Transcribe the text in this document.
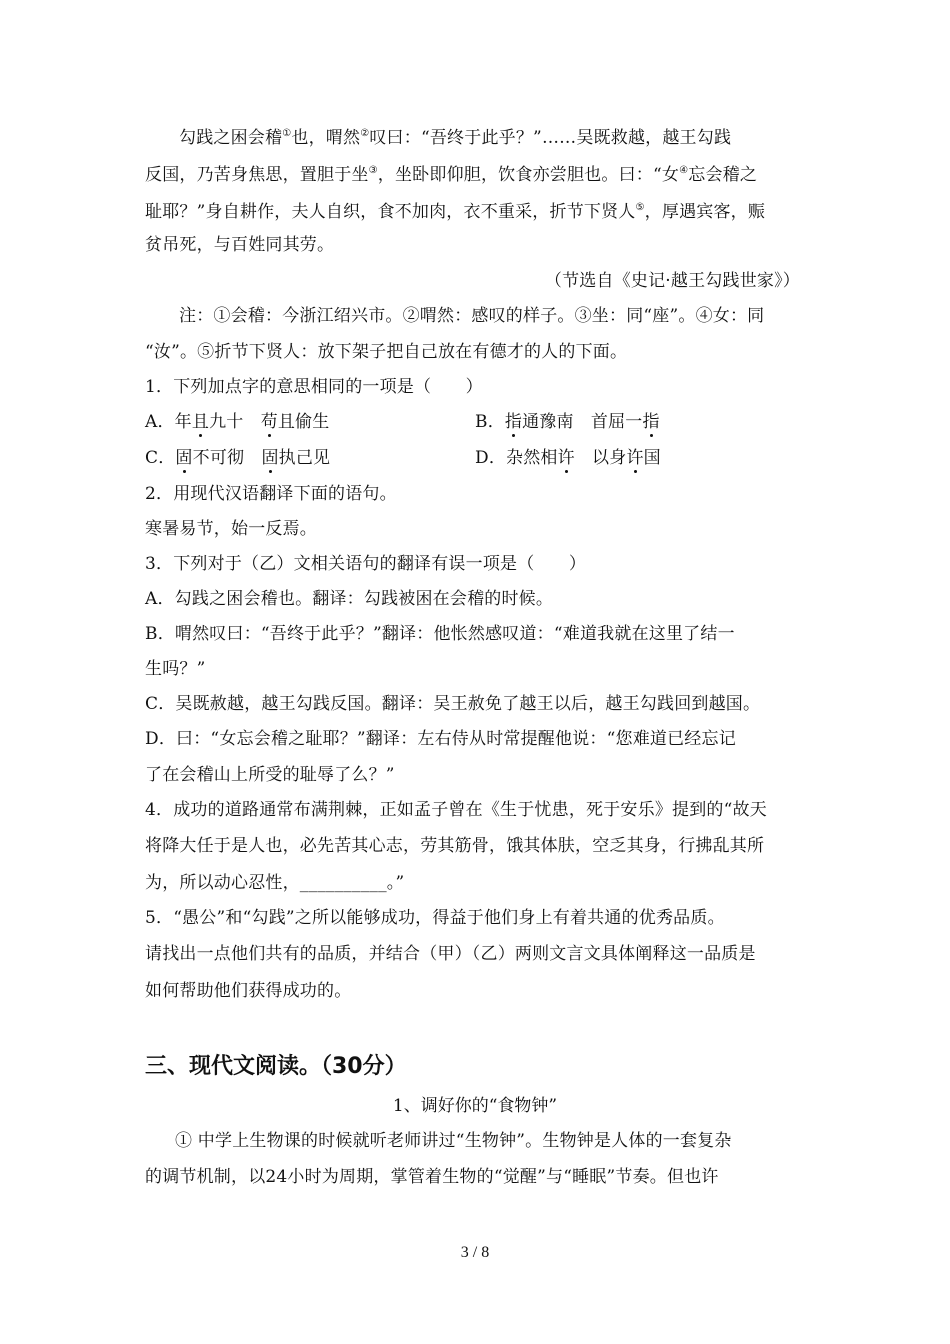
勾践之困会稽①也，喟然②叹曰：“吾终于此乎？”……吴既救越，越王勾践
反国，乃苦身焦思，置胆于坐③，坐卧即仰胆，饮食亦尝胆也。曰：“女④忘会稽之
耻耶？”身自耕作，夫人自织，食不加肉，衣不重采，折节下贤人⑤，厚遇宾客，赈
贫吊死，与百姓同其劳。
（节选自《史记·越王勾践世家》）
注：①会稽：今浙江绍兴市。②喟然：感叹的样子。③坐：同“座”。④女：同
“汝”。⑤折节下贤人：放下架子把自己放在有德才的人的下面。
1．下列加点字的意思相同的一项是（　　）
A．年且九十　苟且偷生	B．指通豫南　首屈一指
C．固不可彻　固执己见	D．杂然相许　以身许国
2．用现代汉语翻译下面的语句。
寒暑易节，始一反焉。
3．下列对于（乙）文相关语句的翻译有误一项是（　　）
A．勾践之困会稽也。翻译：勾践被困在会稽的时候。
B．喟然叹曰：“吾终于此乎？”翻译：他怅然感叹道：“难道我就在这里了结一
生吗？”
C．吴既赦越，越王勾践反国。翻译：吴王赦免了越王以后，越王勾践回到越国。
D．曰：“女忘会稽之耻耶？”翻译：左右侍从时常提醒他说：“您难道已经忘记
了在会稽山上所受的耻辱了么？”
4．成功的道路通常布满荆棘，正如孟子曾在《生于忧患，死于安乐》提到的“故天
将降大任于是人也，必先苦其心志，劳其筋骨，饿其体肤，空乏其身，行拂乱其所
为，所以动心忍性，__________。”
5．“愚公”和“勾践”之所以能够成功，得益于他们身上有着共通的优秀品质。
请找出一点他们共有的品质，并结合（甲）（乙）两则文言文具体阐释这一品质是
如何帮助他们获得成功的。
三、现代文阅读。（30分）
1、调好你的“食物钟”
① 中学上生物课的时候就听老师讲过“生物钟”。生物钟是人体的一套复杂
的调节机制，以24小时为周期，掌管着生物的“觉醒”与“睡眠”节奏。但也许
3 / 8
